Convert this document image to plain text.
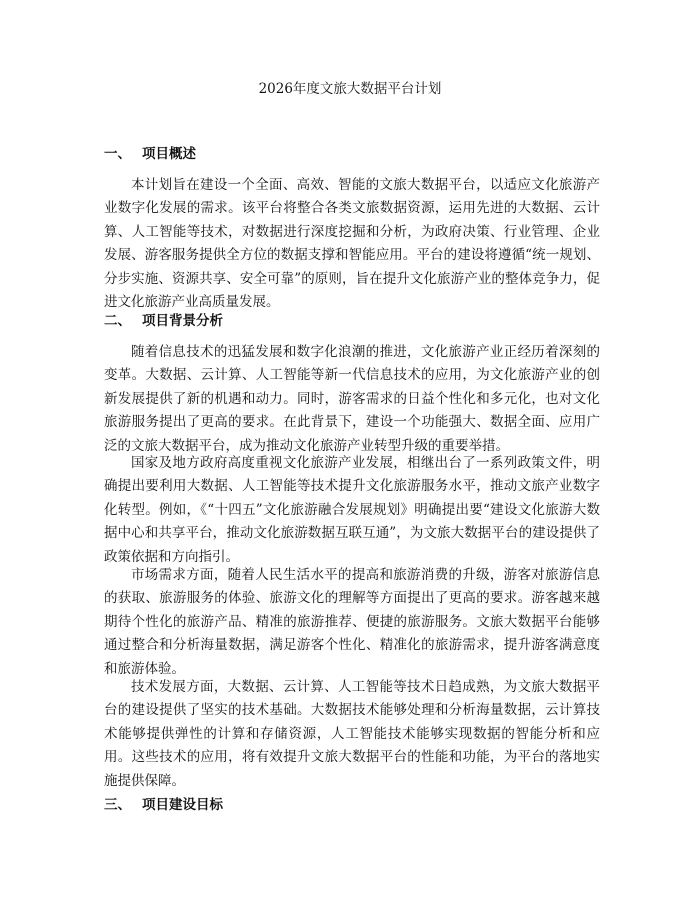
2026年度文旅大数据平台计划
一、 项目概述

本计划旨在建设一个全面、高效、智能的文旅大数据平台，以适应文化旅游产业数字化发展的需求。该平台将整合各类文旅数据资源，运用先进的大数据、云计算、人工智能等技术，对数据进行深度挖掘和分析，为政府决策、行业管理、企业发展、游客服务提供全方位的数据支撑和智能应用。平台的建设将遵循“统一规划、分步实施、资源共享、安全可靠”的原则，旨在提升文化旅游产业的整体竞争力，促进文化旅游产业高质量发展。

二、 项目背景分析

随着信息技术的迅猛发展和数字化浪潮的推进，文化旅游产业正经历着深刻的变革。大数据、云计算、人工智能等新一代信息技术的应用，为文化旅游产业的创新发展提供了新的机遇和动力。同时，游客需求的日益个性化和多元化，也对文化旅游服务提出了更高的要求。在此背景下，建设一个功能强大、数据全面、应用广泛的文旅大数据平台，成为推动文化旅游产业转型升级的重要举措。

国家及地方政府高度重视文化旅游产业发展，相继出台了一系列政策文件，明确提出要利用大数据、人工智能等技术提升文化旅游服务水平，推动文旅产业数字化转型。例如，《“十四五”文化旅游融合发展规划》明确提出要“建设文化旅游大数据中心和共享平台，推动文化旅游数据互联互通”，为文旅大数据平台的建设提供了政策依据和方向指引。

市场需求方面，随着人民生活水平的提高和旅游消费的升级，游客对旅游信息的获取、旅游服务的体验、旅游文化的理解等方面提出了更高的要求。游客越来越期待个性化的旅游产品、精准的旅游推荐、便捷的旅游服务。文旅大数据平台能够通过整合和分析海量数据，满足游客个性化、精准化的旅游需求，提升游客满意度和旅游体验。

技术发展方面，大数据、云计算、人工智能等技术日趋成熟，为文旅大数据平台的建设提供了坚实的技术基础。大数据技术能够处理和分析海量数据，云计算技术能够提供弹性的计算和存储资源，人工智能技术能够实现数据的智能分析和应用。这些技术的应用，将有效提升文旅大数据平台的性能和功能，为平台的落地实施提供保障。

三、 项目建设目标
